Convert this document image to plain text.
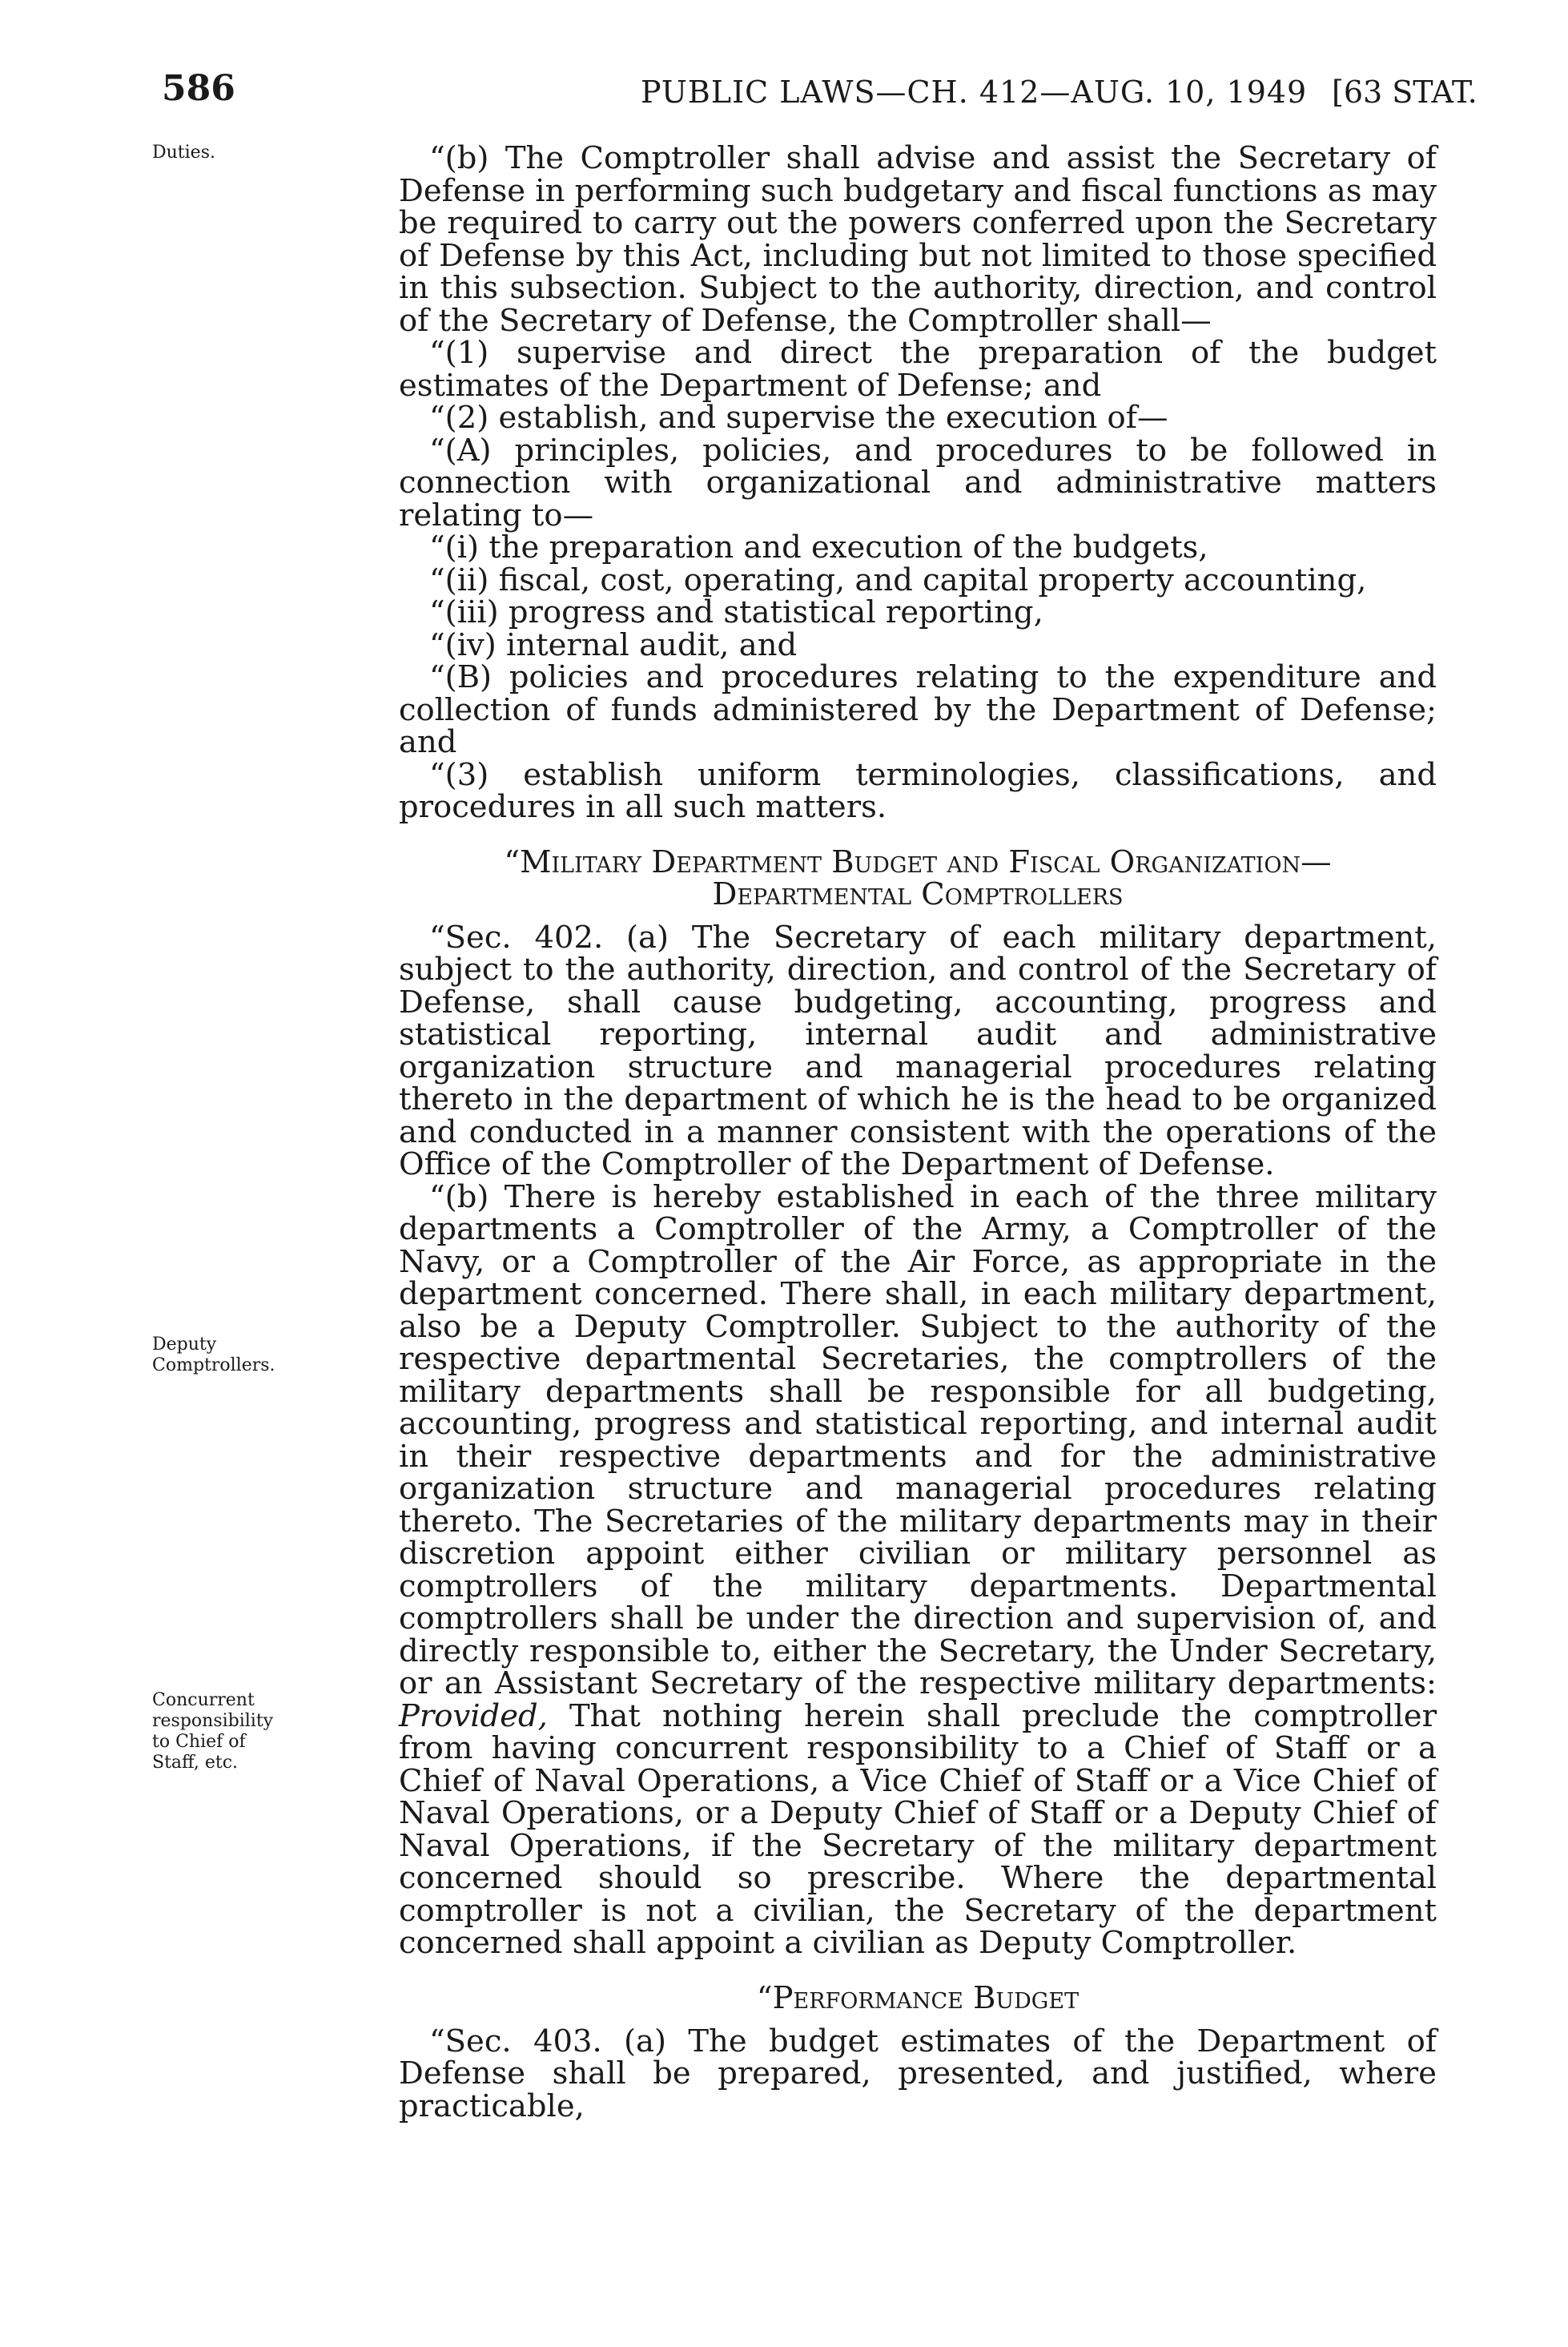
586	PUBLIC LAWS—CH. 412—AUG. 10, 1949 [63 STAT.
Duties.
Deputy Comptrollers.
Concurrent responsibility to Chief of Staff, etc.

“(b) The Comptroller shall advise and assist the Secretary of Defense in performing such budgetary and fiscal functions as may be required to carry out the powers conferred upon the Secretary of Defense by this Act, including but not limited to those specified in this subsection. Subject to the authority, direction, and control of the Secretary of Defense, the Comptroller shall—

“(1) supervise and direct the preparation of the budget estimates of the Department of Defense; and

“(2) establish, and supervise the execution of—

“(A) principles, policies, and procedures to be followed in connection with organizational and administrative matters relating to—

“(i) the preparation and execution of the budgets,

“(ii) fiscal, cost, operating, and capital property accounting,

“(iii) progress and statistical reporting,

“(iv) internal audit, and

“(B) policies and procedures relating to the expenditure and collection of funds administered by the Department of Defense; and

“(3) establish uniform terminologies, classifications, and procedures in all such matters.

“Military Department Budget and Fiscal Organization—
Departmental Comptrollers

“Sec. 402. (a) The Secretary of each military department, subject to the authority, direction, and control of the Secretary of Defense, shall cause budgeting, accounting, progress and statistical reporting, internal audit and administrative organization structure and managerial procedures relating thereto in the department of which he is the head to be organized and conducted in a manner consistent with the operations of the Office of the Comptroller of the Department of Defense.

“(b) There is hereby established in each of the three military departments a Comptroller of the Army, a Comptroller of the Navy, or a Comptroller of the Air Force, as appropriate in the department concerned. There shall, in each military department, also be a Deputy Comptroller. Subject to the authority of the respective departmental Secretaries, the comptrollers of the military departments shall be responsible for all budgeting, accounting, progress and statistical reporting, and internal audit in their respective departments and for the administrative organization structure and managerial procedures relating thereto. The Secretaries of the military departments may in their discretion appoint either civilian or military personnel as comptrollers of the military departments. Departmental comptrollers shall be under the direction and supervision of, and directly responsible to, either the Secretary, the Under Secretary, or an Assistant Secretary of the respective military departments: Provided, That nothing herein shall preclude the comptroller from having concurrent responsibility to a Chief of Staff or a Chief of Naval Operations, a Vice Chief of Staff or a Vice Chief of Naval Operations, or a Deputy Chief of Staff or a Deputy Chief of Naval Operations, if the Secretary of the military department concerned should so prescribe. Where the departmental comptroller is not a civilian, the Secretary of the department concerned shall appoint a civilian as Deputy Comptroller.

“Performance Budget

“Sec. 403. (a) The budget estimates of the Department of Defense shall be prepared, presented, and justified, where practicable,
